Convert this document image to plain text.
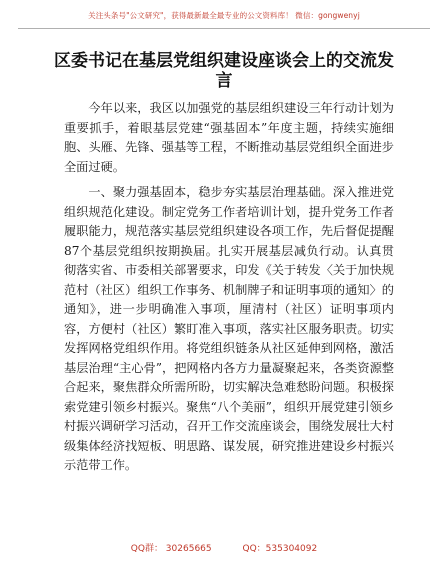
关注头条号"公文研究"，获得最新最全最专业的公文资料库！ 微信：gongwenyj
区委书记在基层党组织建设座谈会上的交流发言

今年以来，我区以加强党的基层组织建设三年行动计划为重要抓手，着眼基层党建“强基固本”年度主题，持续实施细胞、头雁、先锋、强基等工程，不断推动基层党组织全面进步全面过硬。

一、聚力强基固本，稳步夯实基层治理基础。深入推进党组织规范化建设。制定党务工作者培训计划，提升党务工作者履职能力，规范落实基层党组织建设各项工作，先后督促提醒87个基层党组织按期换届。扎实开展基层减负行动。认真贯彻落实省、市委相关部署要求，印发《关于转发〈关于加快规范村（社区）组织工作事务、机制牌子和证明事项的通知〉的通知》，进一步明确准入事项，厘清村（社区）证明事项内容，方便村（社区）繁盯准入事项，落实社区服务职责。切实发挥网格党组织作用。将党组织链条从社区延伸到网格，激活基层治理“主心骨”，把网格内各方力量凝聚起来，各类资源整合起来，聚焦群众所需所盼，切实解决急难愁盼问题。积极探索党建引领乡村振兴。聚焦“八个美丽”，组织开展党建引领乡村振兴调研学习活动，召开工作交流座谈会，围绕发展壮大村级集体经济找短板、明思路、谋发展，研究推进建设乡村振兴示范带工作。

QQ群： 30265665	QQ：535304092
